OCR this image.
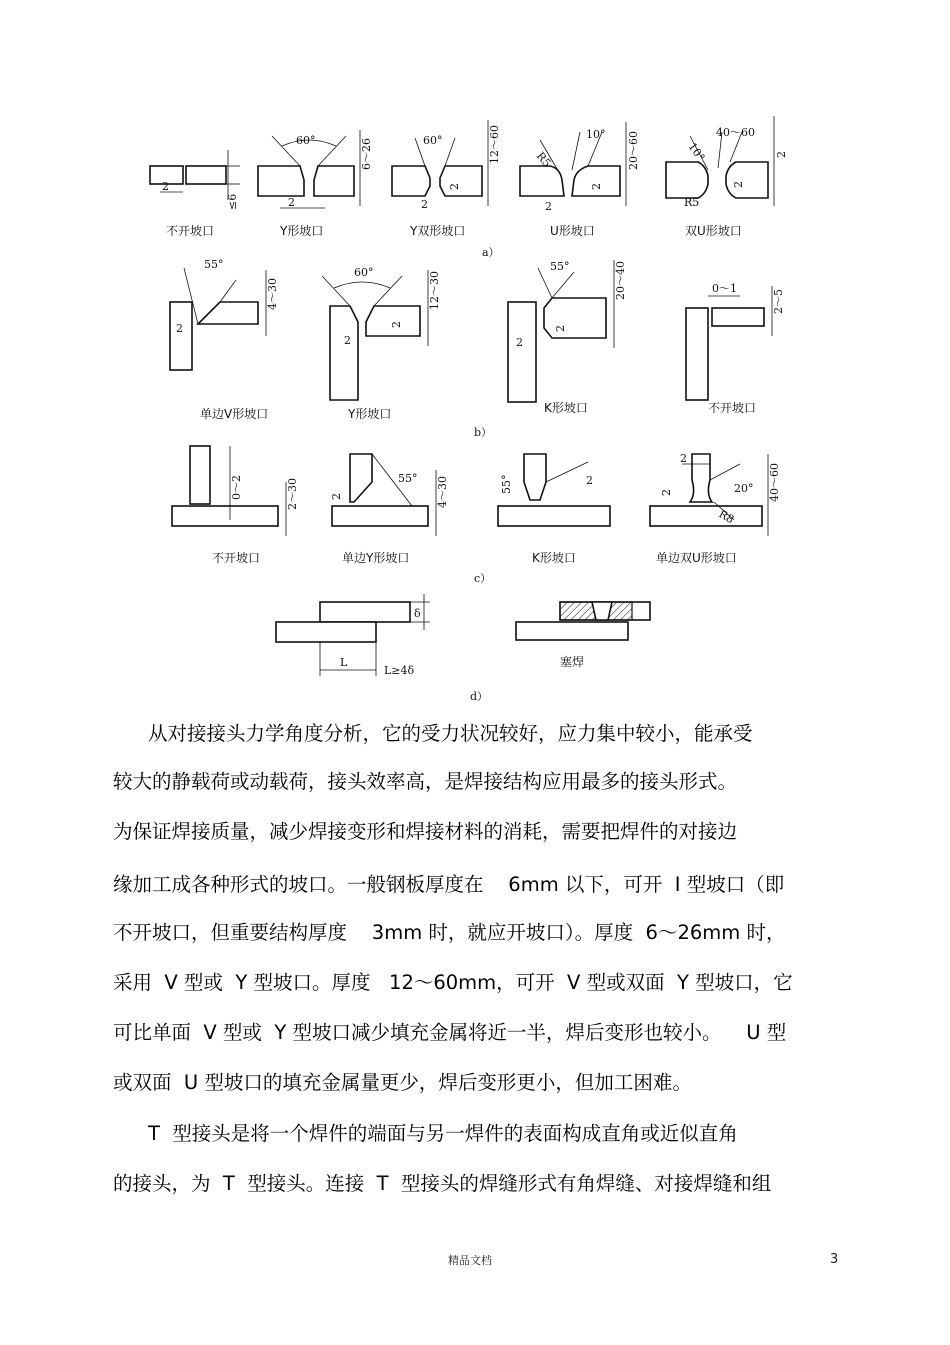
≤6
2
60°	6～26
2
60°	12～60
2
2
10°
R5	20～60
2
2
40～60
10°	2
R5
2
不开坡口	Y形坡口	Y双形坡口	U形坡口	双U形坡口
a）
55°
4～30
2
60°	12～30
2
2
55°	20～40
2
2
0～1
2～5
单边V形坡口	Y形坡口	K形坡口	不开坡口
b）
0～2	2～30	55°
2	4～30	2
55°
2
2	20°
R8
40～60
不开坡口	单边Y形坡口	K形坡口	单边双U形坡口
c）
δ
L
L≥4δ
塞焊
d）
从对接接头力学角度分析，它的受力状况较好，应力集中较小，能承受
较大的静载荷或动载荷，接头效率高，是焊接结构应用最多的接头形式。
为保证焊接质量，减少焊接变形和焊接材料的消耗，需要把焊件的对接边
缘加工成各种形式的坡口。一般钢板厚度在    6mm 以下，可开  I 型坡口（即
不开坡口，但重要结构厚度    3mm 时，就应开坡口）。厚度  6～26mm 时，
采用  V 型或  Y 型坡口。厚度   12～60mm，可开  V 型或双面  Y 型坡口，它
可比单面  V 型或  Y 型坡口减少填充金属将近一半，焊后变形也较小。    U 型
或双面  U 型坡口的填充金属量更少，焊后变形更小，但加工困难。
T  型接头是将一个焊件的端面与另一焊件的表面构成直角或近似直角
的接头，为  T  型接头。连接  T  型接头的焊缝形式有角焊缝、对接焊缝和组
精品文档	3
